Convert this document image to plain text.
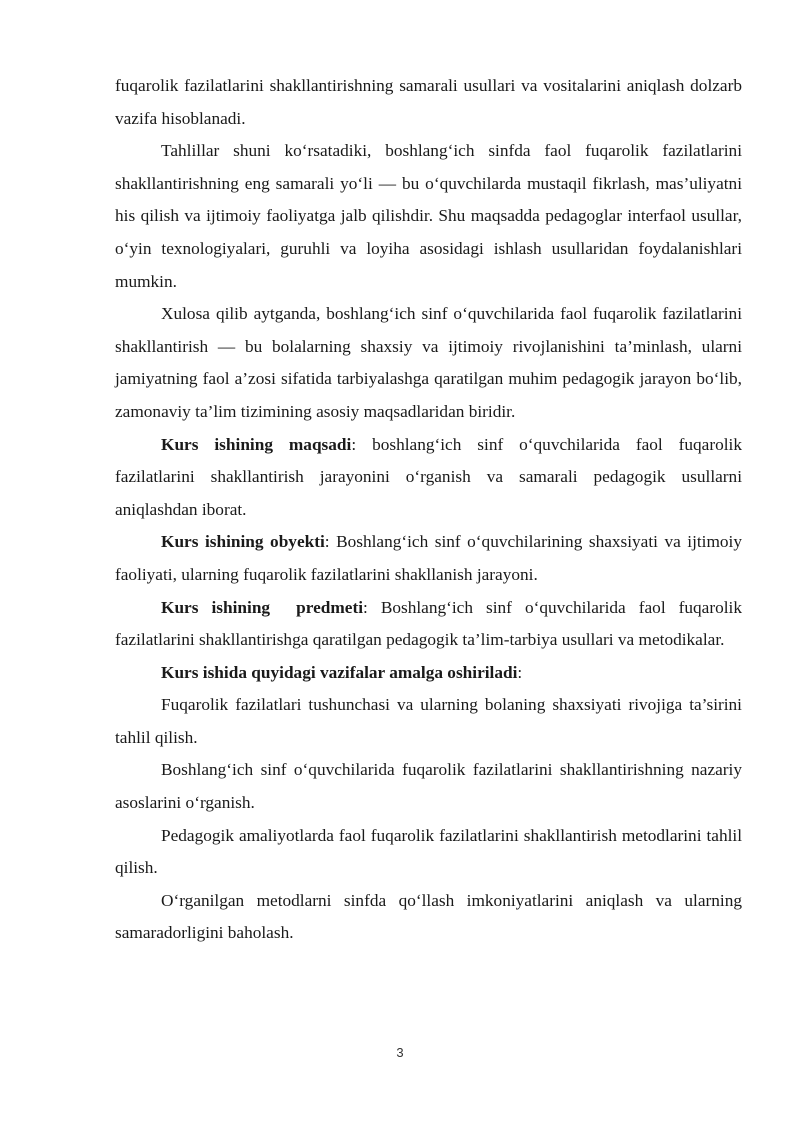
fuqarolik fazilatlarini shakllantirishning samarali usullari va vositalarini aniqlash dolzarb vazifa hisoblanadi.

Tahlillar shuni ko‘rsatadiki, boshlang‘ich sinfda faol fuqarolik fazilatlarini shakllantirishning eng samarali yo‘li — bu o‘quvchilarda mustaqil fikrlash, mas’uliyatni his qilish va ijtimoiy faoliyatga jalb qilishdir. Shu maqsadda pedagoglar interfaol usullar, o‘yin texnologiyalari, guruhli va loyiha asosidagi ishlash usullaridan foydalanishlari mumkin.

Xulosa qilib aytganda, boshlang‘ich sinf o‘quvchilarida faol fuqarolik fazilatlarini shakllantirish — bu bolalarning shaxsiy va ijtimoiy rivojlanishini ta’minlash, ularni jamiyatning faol a’zosi sifatida tarbiyalashga qaratilgan muhim pedagogik jarayon bo‘lib, zamonaviy ta’lim tizimining asosiy maqsadlaridan biridir.

Kurs ishining maqsadi: boshlang‘ich sinf o‘quvchilarida faol fuqarolik fazilatlarini shakllantirish jarayonini o‘rganish va samarali pedagogik usullarni aniqlashdan iborat.

Kurs ishining obyekti: Boshlang‘ich sinf o‘quvchilarining shaxsiyati va ijtimoiy faoliyati, ularning fuqarolik fazilatlarini shakllanish jarayoni.

Kurs ishining  predmeti: Boshlang‘ich sinf o‘quvchilarida faol fuqarolik fazilatlarini shakllantirishga qaratilgan pedagogik ta’lim-tarbiya usullari va metodikalar.

Kurs ishida quyidagi vazifalar amalga oshiriladi:

Fuqarolik fazilatlari tushunchasi va ularning bolaning shaxsiyati rivojiga ta’sirini tahlil qilish.

Boshlang‘ich sinf o‘quvchilarida fuqarolik fazilatlarini shakllantirishning nazariy asoslarini o‘rganish.

Pedagogik amaliyotlarda faol fuqarolik fazilatlarini shakllantirish metodlarini tahlil qilish.

O‘rganilgan metodlarni sinfda qo‘llash imkoniyatlarini aniqlash va ularning samaradorligini baholash.

3
